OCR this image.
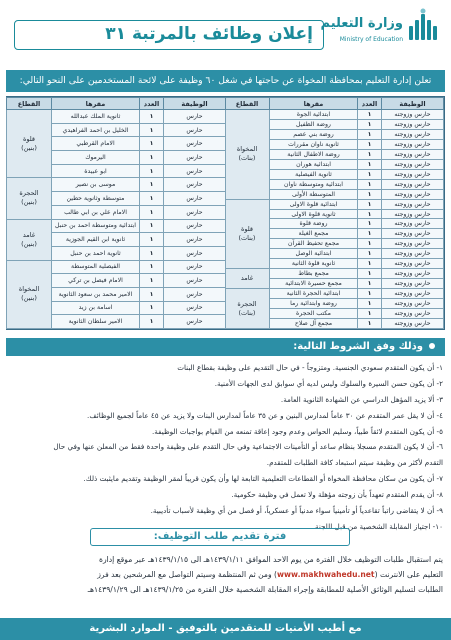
وزارة التعليم
Ministry of Education
إعلان وظائف بالمرتبة ٣١
تعلن إدارة التعليم بمحافظة المخواة عن حاجتها في شغل ٦٠ وظيفة على لائحة المستخدمين على النحو التالي:
الوظيفة	العدد	مقرها	القطاع
حارس وزوجته	١	ابتدائية الجوة	المخواة
(بنات)

حارس وزوجته	١	روضة الظفيل	
حارس وزوجته	١	روضة بني عصم	
حارس وزوجته	١	ثانوية ناوان مقررات	
حارس وزوجته	١	روضة الاطفال الثانية	
حارس وزوجته	١	ابتدائية هوران	
حارس وزوجته	١	ثانوية الفيصلية	
حارس وزوجته	١	ابتدائية ومتوسطة ناوان	
حارس وزوجته	١	المتوسطة الأولى	
حارس وزوجته	١	ابتدائية قلوة الاولى	قلوة
(بنات)

حارس وزوجته	١	ثانوية قلوة الاولى	
حارس وزوجته	١	روضة قلوة	
حارس وزوجته	١	مجمع الغيلة	
حارس وزوجته	١	مجمع تحفيظ القرآن	
حارس وزوجته	١	ابتدائية الوصل	
حارس وزوجته	١	ثانوية قلوة الثانية	
حارس وزوجته	١	مجمع بطاط	غامد

حارس وزوجته	١	مجمع حسيرة الابتدائية	
حارس وزوجته	١	ابتدائية الحجرة الثانية	الحجرة
(بنات)

حارس وزوجته	١	روضة وابتدائية رما	
حارس وزوجته	١	مكتب الحجرة	
حارس وزوجته	١	مجمع آل صلاح	
الوظيفة	العدد	مقرها	القطاع
حارس	١	ثانوية الملك عبدالله	قلوة
(بنين)

حارس	١	الخليل بن احمد الفراهيدي	
حارس	١	الامام القرطبي	
حارس	١	اليرموك	
حارس	١	ابو عبيدة	
حارس	١	موسى بن نصير	الحجرة
(بنين)

حارس	١	متوسطة وثانوية حطين	
حارس	١	الامام علي بن ابي طالب	
حارس	١	ابتدائية ومتوسطة احمد بن حنبل	غامد
(بنين)

حارس	١	ثانوية ابن القيم الجوزية	
حارس	١	ثانوية احمد بن حنبل	
حارس	١	الفيصلية المتوسطة	المخواة
(بنين)

حارس	١	الامام فيصل بن تركي	
حارس	١	الامير محمد بن سعود الثانوية	
حارس	١	اسامة بن زيد	
حارس	١	الامير سلطان الثانوية	
وذلك وفق الشروط التالية:
١- أن يكون المتقدم سعودي الجنسية. ومتزوجاً - في حال التقديم على وظيفة بقطاع البنات
٢- أن يكون حسن السيرة والسلوك وليس لديه أي سوابق لدى الجهات الأمنية.
٣- ألا يزيد المؤهل الدراسي عن الشهادة الثانوية العامة.
٤- أن لا يقل عمر المتقدم عن ٣٠ عاماً لمدارس البنين و عن ٣٥ عاماً لمدارس البنات ولا يزيد عن ٤٥ عاماً لجميع الوظائف.
٥- أن يكون المتقدم لائقاً طبياً، وسليم الحواس وعدم وجود إعاقة تمنعه من القيام بواجبات الوظيفة.
٦- أن لا يكون المتقدم مسجلا بنظام ساعد أو التأمينات الاجتماعية وفي حال التقدم على وظيفة واحدة فقط من المعلن عنها وفي حال
التقدم لأكثر من وظيفة سيتم استبعاد كافة الطلبات للمتقدم.
٧- أن يكون من سكان محافظة المخواة أو القطاعات التعليمية التابعة لها وأن يكون قريباً لمقر الوظيفة وتقديم مايثبت ذلك.
٨- أن يقدم المتقدم تعهداً بأن زوجته مؤهلة ولا تعمل في وظيفة حكومية.
٩- أن لا يتقاضى راتباً تقاعدياً أو تأمينياً سواء مدنياً أو عسكرياً، أو فصل من أي وظيفة لأسباب تأديبية.
١٠- اجتياز المقابلة الشخصية من قبل اللجنة.
فترة تقديم طلب التوظيف:
يتم استقبال طلبات التوظيف خلال الفترة من يوم الاحد الموافق ١٤٣٩/١/١١هـ الى ١٤٣٩/١/١٥هـ عبر موقع إدارة
التعليم على الانترنت (www.makhwahedu.net) ومن ثم المنتظمة وسيتم التواصل مع المرشحين بعد فرز
الطلبات لتسليم الوثائق الأصلية للمطابقة وإجراء المقابلة الشخصية خلال الفترة من ١٤٣٩/١/٢٥هـ الى ١٤٣٩/١/٢٩هـ
مع أطيب الأمنيات للمتقدمين بالتوفيق - الموارد البشرية
